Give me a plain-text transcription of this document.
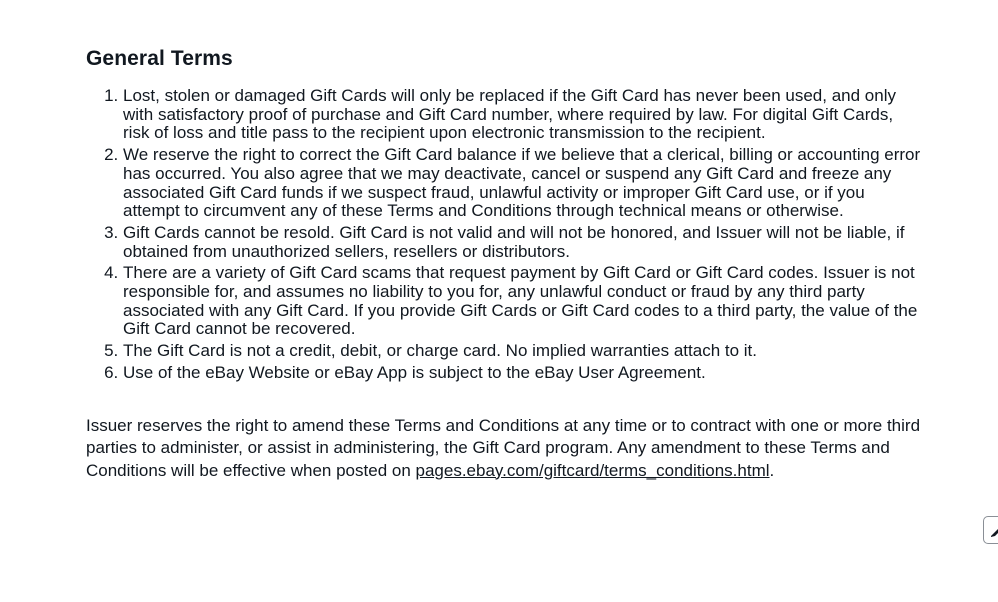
General Terms
1. Lost, stolen or damaged Gift Cards will only be replaced if the Gift Card has never been used, and only with satisfactory proof of purchase and Gift Card number, where required by law. For digital Gift Cards, risk of loss and title pass to the recipient upon electronic transmission to the recipient.
2. We reserve the right to correct the Gift Card balance if we believe that a clerical, billing or accounting error has occurred. You also agree that we may deactivate, cancel or suspend any Gift Card and freeze any associated Gift Card funds if we suspect fraud, unlawful activity or improper Gift Card use, or if you attempt to circumvent any of these Terms and Conditions through technical means or otherwise.
3. Gift Cards cannot be resold. Gift Card is not valid and will not be honored, and Issuer will not be liable, if obtained from unauthorized sellers, resellers or distributors.
4. There are a variety of Gift Card scams that request payment by Gift Card or Gift Card codes. Issuer is not responsible for, and assumes no liability to you for, any unlawful conduct or fraud by any third party associated with any Gift Card. If you provide Gift Cards or Gift Card codes to a third party, the value of the Gift Card cannot be recovered.
5. The Gift Card is not a credit, debit, or charge card. No implied warranties attach to it.
6. Use of the eBay Website or eBay App is subject to the eBay User Agreement.

Issuer reserves the right to amend these Terms and Conditions at any time or to contract with one or more third parties to administer, or assist in administering, the Gift Card program. Any amendment to these Terms and Conditions will be effective when posted on pages.ebay.com/giftcard/terms_conditions.html.
